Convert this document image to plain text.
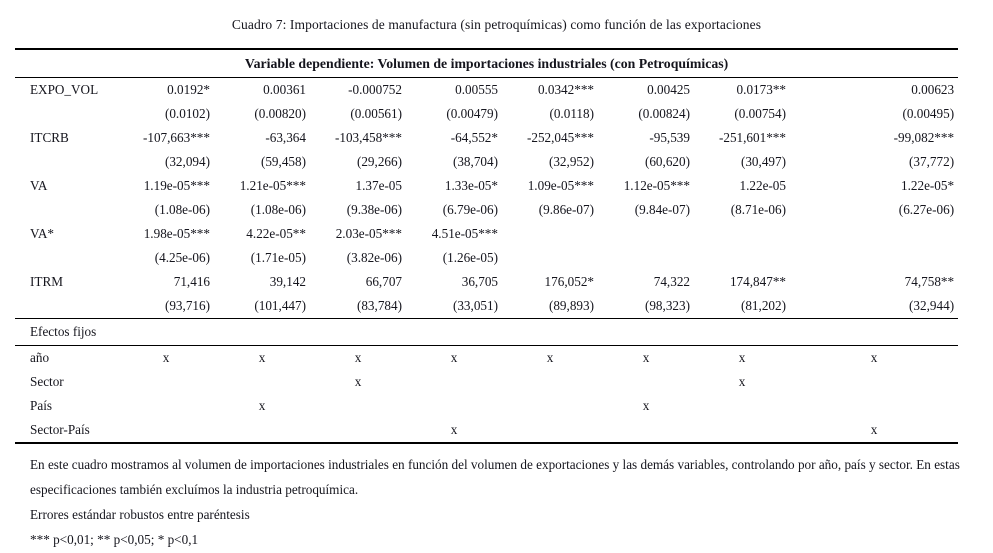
Cuadro 7: Importaciones de manufactura (sin petroquímicas) como función de las exportaciones
Variable dependiente: Volumen de importaciones industriales (con Petroquímicas)								
EXPO_VOL	0.0192*	0.00361	-0.000752	0.00555	0.0342***	0.00425	0.0173**	0.00623
	(0.0102)	(0.00820)	(0.00561)	(0.00479)	(0.0118)	(0.00824)	(0.00754)	(0.00495)
ITCRB	-107,663***	-63,364	-103,458***	-64,552*	-252,045***	-95,539	-251,601***	-99,082***
	(32,094)	(59,458)	(29,266)	(38,704)	(32,952)	(60,620)	(30,497)	(37,772)
VA	1.19e-05***	1.21e-05***	1.37e-05	1.33e-05*	1.09e-05***	1.12e-05***	1.22e-05	1.22e-05*
	(1.08e-06)	(1.08e-06)	(9.38e-06)	(6.79e-06)	(9.86e-07)	(9.84e-07)	(8.71e-06)	(6.27e-06)
VA*	1.98e-05***	4.22e-05**	2.03e-05***	4.51e-05***				
	(4.25e-06)	(1.71e-05)	(3.82e-06)	(1.26e-05)				
ITRM	71,416	39,142	66,707	36,705	176,052*	74,322	174,847**	74,758**
	(93,716)	(101,447)	(83,784)	(33,051)	(89,893)	(98,323)	(81,202)	(32,944)
Efectos fijos								
año	x	x	x	x	x	x	x	x
Sector			x				x	
País		x				x		
Sector-País				x				x

En este cuadro mostramos al volumen de importaciones industriales en función del volumen de exportaciones y las demás variables, controlando por año, país y sector. En estas especificaciones también excluímos la industria petroquímica.

Errores estándar robustos entre paréntesis

*** p<0,01; ** p<0,05; * p<0,1
